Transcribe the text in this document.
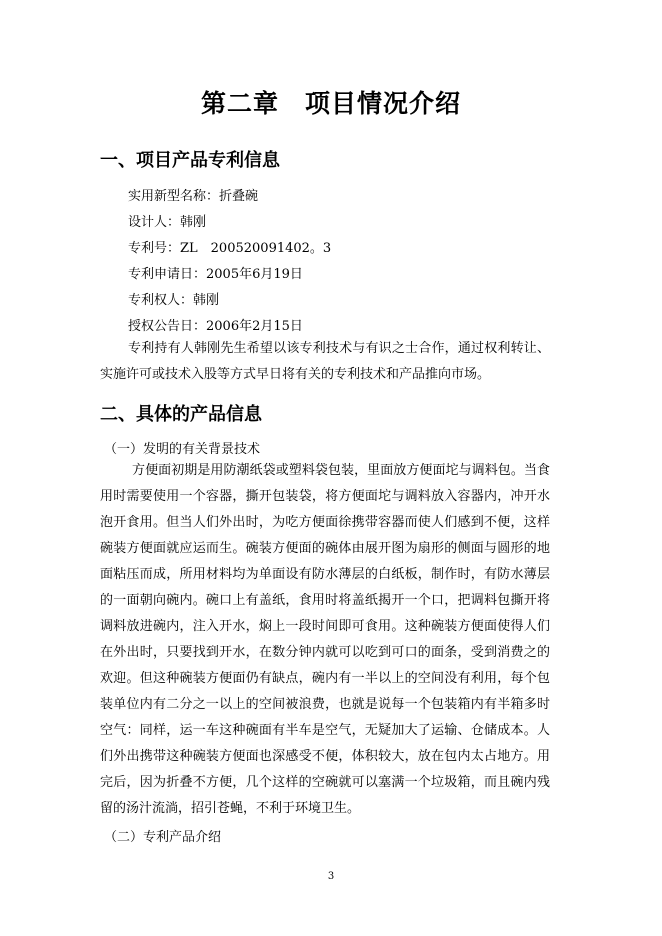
第二章　项目情况介绍
一、项目产品专利信息

实用新型名称：折叠碗

设计人：韩刚

专利号：ZL　200520091402。3

专利申请日：2005年6月19日

专利权人：韩刚

授权公告日：2006年2月15日

专利持有人韩刚先生希望以该专利技术与有识之士合作，通过权利转让、实施许可或技术入股等方式早日将有关的专利技术和产品推向市场。

二、具体的产品信息

（一）发明的有关背景技术

方便面初期是用防潮纸袋或塑料袋包装，里面放方便面坨与调料包。当食用时需要使用一个容器，撕开包装袋，将方便面坨与调料放入容器内，冲开水泡开食用。但当人们外出时，为吃方便面徐携带容器而使人们感到不便，这样碗装方便面就应运而生。碗装方便面的碗体由展开图为扇形的侧面与圆形的地面粘压而成，所用材料均为单面设有防水薄层的白纸板，制作时，有防水薄层的一面朝向碗内。碗口上有盖纸，食用时将盖纸揭开一个口，把调料包撕开将调料放进碗内，注入开水，焖上一段时间即可食用。这种碗装方便面使得人们在外出时，只要找到开水，在数分钟内就可以吃到可口的面条，受到消费之的欢迎。但这种碗装方便面仍有缺点，碗内有一半以上的空间没有利用，每个包装单位内有二分之一以上的空间被浪费，也就是说每一个包装箱内有半箱多时空气：同样，运一车这种碗面有半车是空气，无疑加大了运输、仓储成本。人们外出携带这种碗装方便面也深感受不便，体积较大，放在包内太占地方。用完后，因为折叠不方便，几个这样的空碗就可以塞满一个垃圾箱，而且碗内残留的汤汁流淌，招引苍蝇，不利于环境卫生。

（二）专利产品介绍

3
